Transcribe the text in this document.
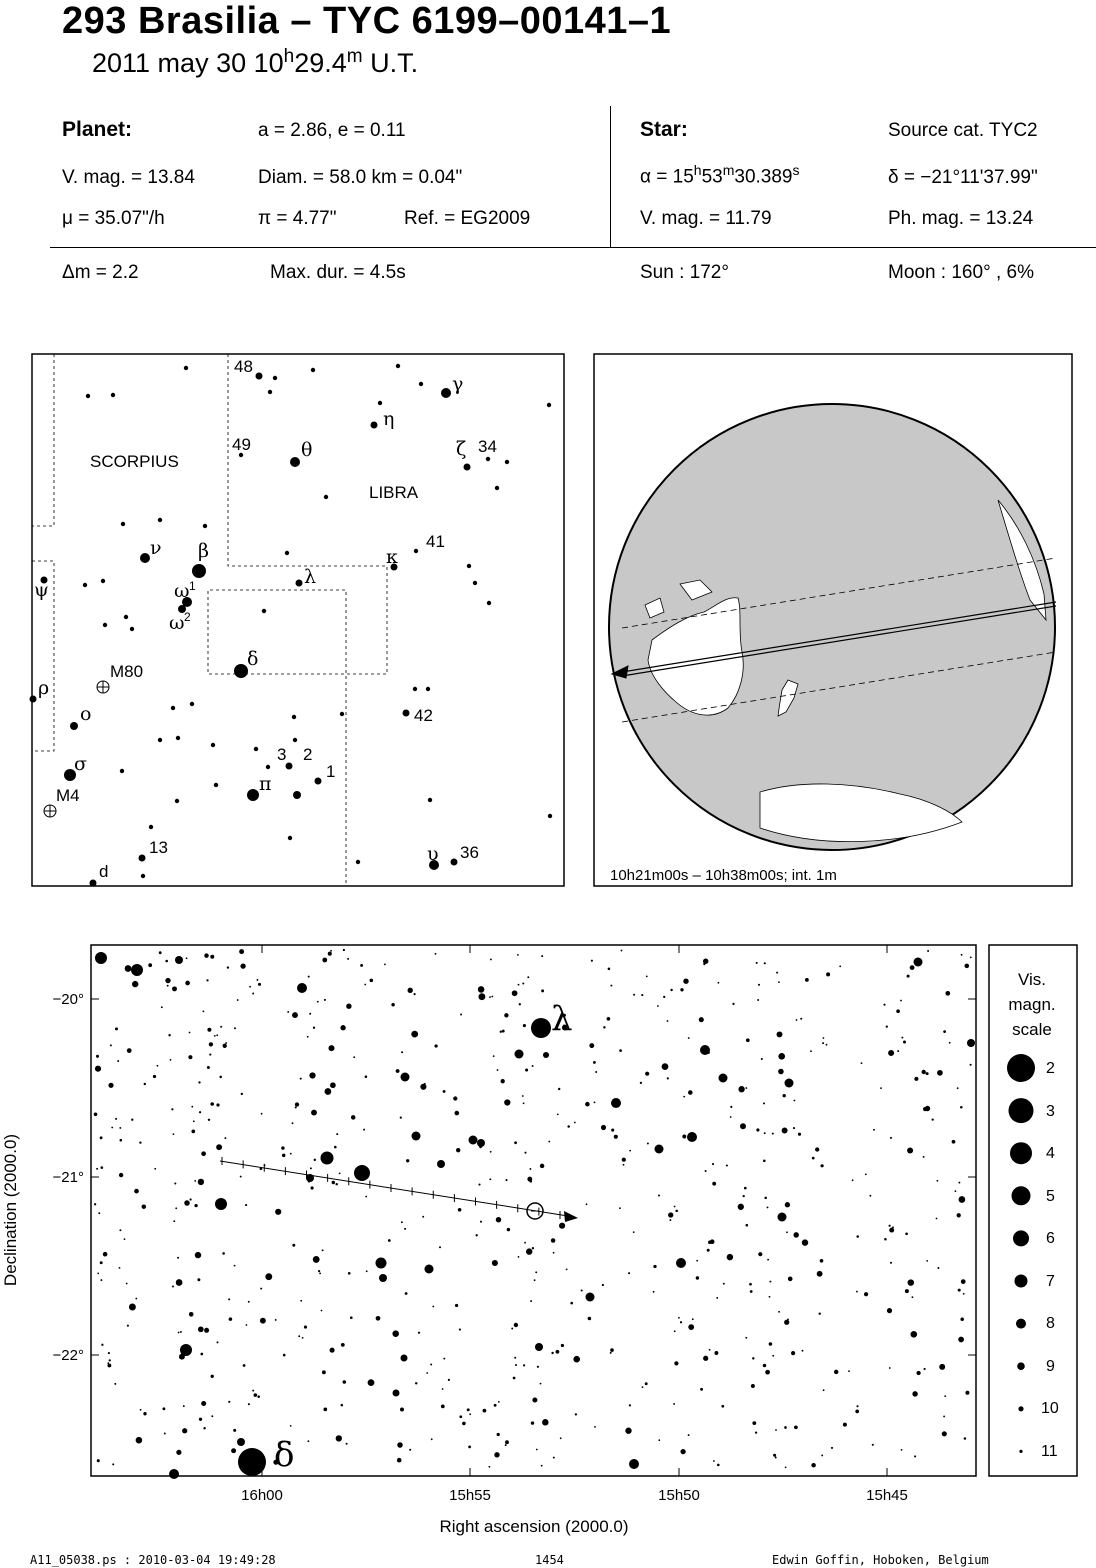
293 Brasilia – TYC 6199–00141–1
2011 may 30 10$^h$29.4$^m$ U.T.
Planet:	a = 2.86, e = 0.11
V. mag. = 13.84	Diam. = 58.0 km = 0.04"
μ = 35.07"/h	π = 4.77"	Ref. = EG2009
Star:	Source cat. TYC2
$\alpha = 15^h53^m30.389^s$	δ = −21°11'37.99"
V. mag. = 11.79	Ph. mag. = 13.24
Δm = 2.2	Max. dur. = 4.5s	Sun : 172°	Moon : 160° , 6%
SCORPIUS
LIBRA
48
49	34
41
42
3 2
1
13	36
d
M80
M4
γ
η
θ	ζ
ν β	κ
λ
ω 1
ω 2
ψ
ρ
δ
ο
σ
π
υ
10h21m00s – 10h38m00s; int. 1m
λ
δ
−20°
−21°
−22°
16h00	15h55	15h50	15h45
Right ascension (2000.0)
Declination (2000.0)
Vis.
magn.
scale
2
3
4
5
6
7
8
9
10
11
A11_05038.ps : 2010-03-04 19:49:28	1454	Edwin Goffin, Hoboken, Belgium
